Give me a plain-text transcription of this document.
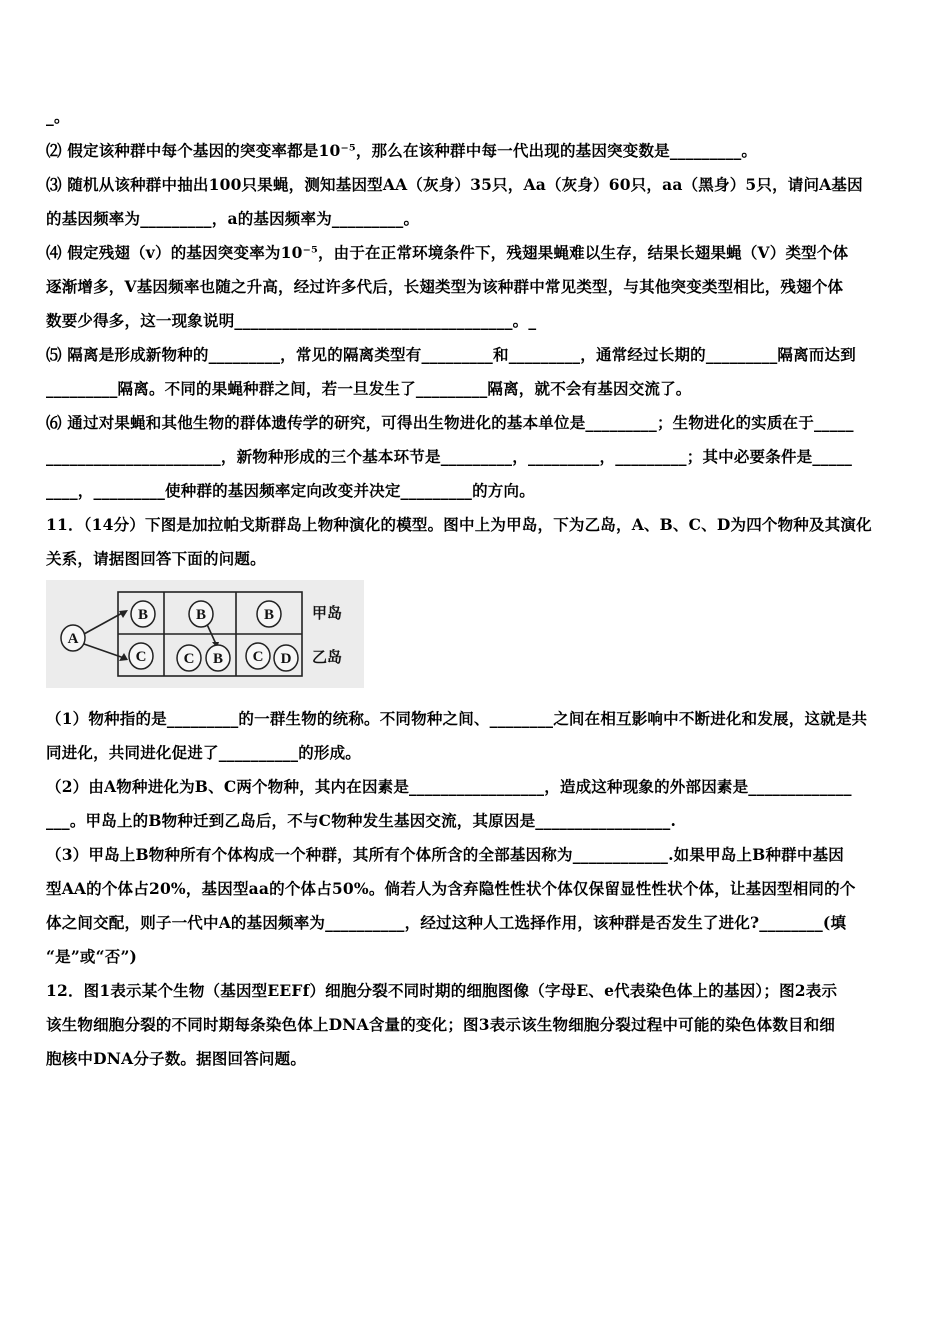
_。
⑵ 假定该种群中每个基因的突变率都是10⁻⁵，那么在该种群中每一代出现的基因突变数是_________。
⑶ 随机从该种群中抽出100只果蝇，测知基因型AA（灰身）35只，Aa（灰身）60只，aa（黑身）5只，请问A基因
的基因频率为_________，a的基因频率为_________。
⑷ 假定残翅（v）的基因突变率为10⁻⁵，由于在正常环境条件下，残翅果蝇难以生存，结果长翅果蝇（V）类型个体
逐渐增多，V基因频率也随之升高，经过许多代后，长翅类型为该种群中常见类型，与其他突变类型相比，残翅个体
数要少得多，这一现象说明___________________________________。_
⑸ 隔离是形成新物种的_________，常见的隔离类型有_________和_________，通常经过长期的_________隔离而达到
_________隔离。不同的果蝇种群之间，若一旦发生了_________隔离，就不会有基因交流了。
⑹ 通过对果蝇和其他生物的群体遗传学的研究，可得出生物进化的基本单位是_________；生物进化的实质在于_____
______________________，新物种形成的三个基本环节是_________，_________，_________；其中必要条件是_____
____，_________使种群的基因频率定向改变并决定_________的方向。
11．（14分）下图是加拉帕戈斯群岛上物种演化的模型。图中上为甲岛，下为乙岛，A、B、C、D为四个物种及其演化
关系，请据图回答下面的问题。
A
B	B	B
C C B C D
甲岛
乙岛
（1）物种指的是_________的一群生物的统称。不同物种之间、________之间在相互影响中不断进化和发展，这就是共
同进化，共同进化促进了__________的形成。
（2）由A物种进化为B、C两个物种，其内在因素是_________________，造成这种现象的外部因素是_____________
___。甲岛上的B物种迁到乙岛后，不与C物种发生基因交流，其原因是_________________.
（3）甲岛上B物种所有个体构成一个种群，其所有个体所含的全部基因称为____________.如果甲岛上B种群中基因
型AA的个体占20%，基因型aa的个体占50%。倘若人为含弃隐性性状个体仅保留显性性状个体，让基因型相同的个
体之间交配，则子一代中A的基因频率为__________，经过这种人工选择作用，该种群是否发生了进化?________(填
“是”或“否”)
12．图1表示某个生物（基因型EEFf）细胞分裂不同时期的细胞图像（字母E、e代表染色体上的基因）；图2表示
该生物细胞分裂的不同时期每条染色体上DNA含量的变化；图3表示该生物细胞分裂过程中可能的染色体数目和细
胞核中DNA分子数。据图回答问题。
